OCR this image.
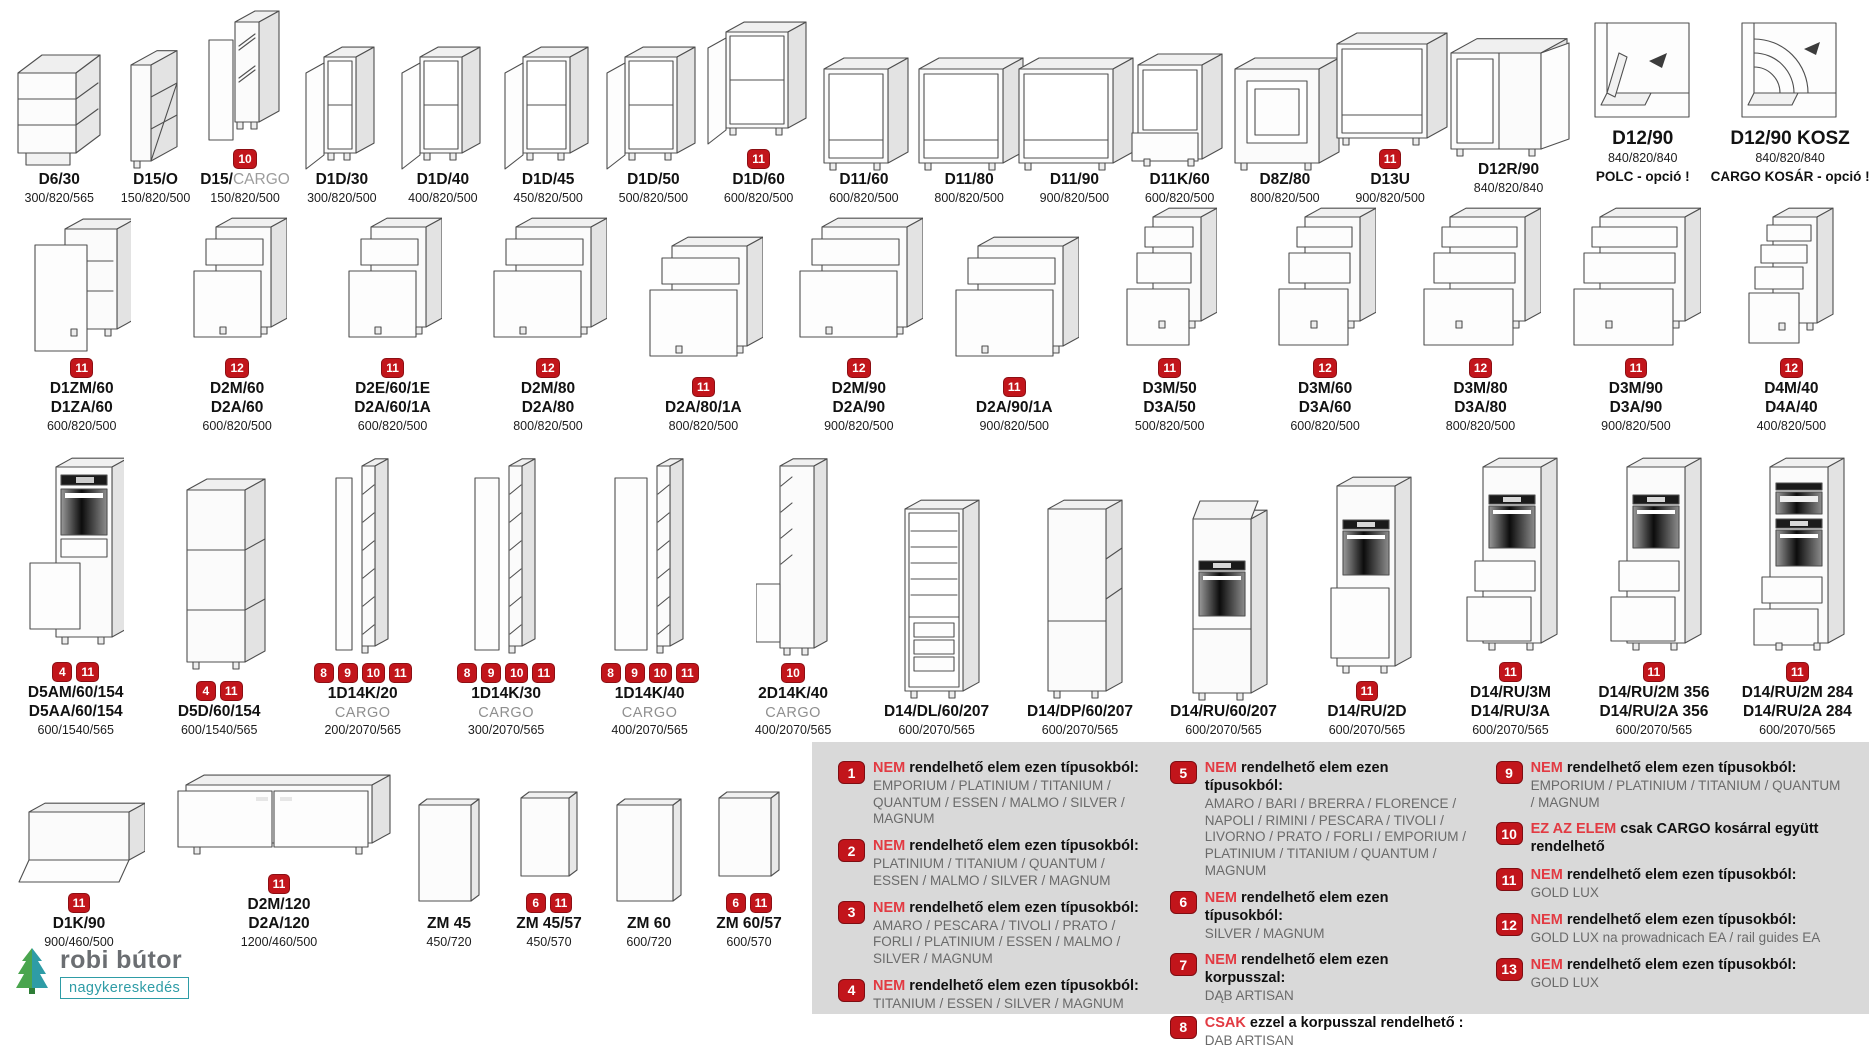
D6/30
300/820/565
D15/O
150/820/500
10
D15/CARGO
150/820/500
D1D/30
300/820/500
D1D/40
400/820/500
D1D/45
450/820/500
D1D/50
500/820/500
11
D1D/60
600/820/500
D11/60
600/820/500
D11/80
800/820/500
D11/90
900/820/500
D11K/60
600/820/500
D8Z/80
800/820/500
11
D13U
900/820/500
D12R/90
840/820/840
D12/90
840/820/840
POLC - opció !
D12/90 KOSZ
840/820/840
CARGO KOSÁR - opció !
11
D1ZM/60
D1ZA/60
600/820/500
12
D2M/60
D2A/60
600/820/500
11
D2E/60/1E
D2A/60/1A
600/820/500
12
D2M/80
D2A/80
800/820/500
11
D2A/80/1A
800/820/500
12
D2M/90
D2A/90
900/820/500
11
D2A/90/1A
900/820/500
11
D3M/50
D3A/50
500/820/500
12
D3M/60
D3A/60
600/820/500
12
D3M/80
D3A/80
800/820/500
11
D3M/90
D3A/90
900/820/500
12
D4M/40
D4A/40
400/820/500
4	11
D5AM/60/154
D5AA/60/154
600/1540/565
4	11
D5D/60/154
600/1540/565
8	9	10	11
1D14K/20
CARGO
200/2070/565
8	9	10	11
1D14K/30
CARGO
300/2070/565
8	9	10	11
1D14K/40
CARGO
400/2070/565
10
2D14K/40
CARGO
400/2070/565
D14/DL/60/207
600/2070/565
D14/DP/60/207
600/2070/565
D14/RU/60/207
600/2070/565
11
D14/RU/2D
600/2070/565
11
D14/RU/3M
D14/RU/3A
600/2070/565
11
D14/RU/2M 356
D14/RU/2A 356
600/2070/565
11
D14/RU/2M 284
D14/RU/2A 284
600/2070/565
11
D1K/90
900/460/500
11
D2M/120
D2A/120
1200/460/500
ZM 45
450/720
6	11
ZM 45/57
450/570
ZM 60
600/720
6	11
ZM 60/57
600/570
1	NEM rendelhető elem ezen típusokból:
EMPORIUM / PLATINIUM / TITANIUM / QUANTUM / ESSEN / MALMO / SILVER / MAGNUM
2	NEM rendelhető elem ezen típusokból:
PLATINIUM / TITANIUM / QUANTUM / ESSEN / MALMO / SILVER / MAGNUM
3	NEM rendelhető elem ezen típusokból:
AMARO / PESCARA / TIVOLI / PRATO / FORLI / PLATINIUM / ESSEN / MALMO / SILVER / MAGNUM
4	NEM rendelhető elem ezen típusokból:
TITANIUM / ESSEN / SILVER / MAGNUM
5	NEM rendelhető elem ezen típusokból:
AMARO / BARI / BRERRA / FLORENCE / NAPOLI / RIMINI / PESCARA / TIVOLI / LIVORNO / PRATO / FORLI / EMPORIUM / PLATINIUM / TITANIUM / QUANTUM / MAGNUM
6	NEM rendelhető elem ezen típusokból:
SILVER / MAGNUM
7	NEM rendelhető elem ezen korpusszal:
DĄB ARTISAN
8	CSAK ezzel a korpusszal rendelhető :
DAB ARTISAN
9	NEM rendelhető elem ezen típusokból:
EMPORIUM / PLATINIUM / TITANIUM / QUANTUM / MAGNUM
10 EZ AZ ELEM csak CARGO kosárral együtt rendelhető
11 NEM rendelhető elem ezen típusokból:
GOLD LUX
12 NEM rendelhető elem ezen típusokból:
GOLD LUX na prowadnicach EA / rail guides EA
13 NEM rendelhető elem ezen típusokból:
GOLD LUX
robi bútor
nagykereskedés
